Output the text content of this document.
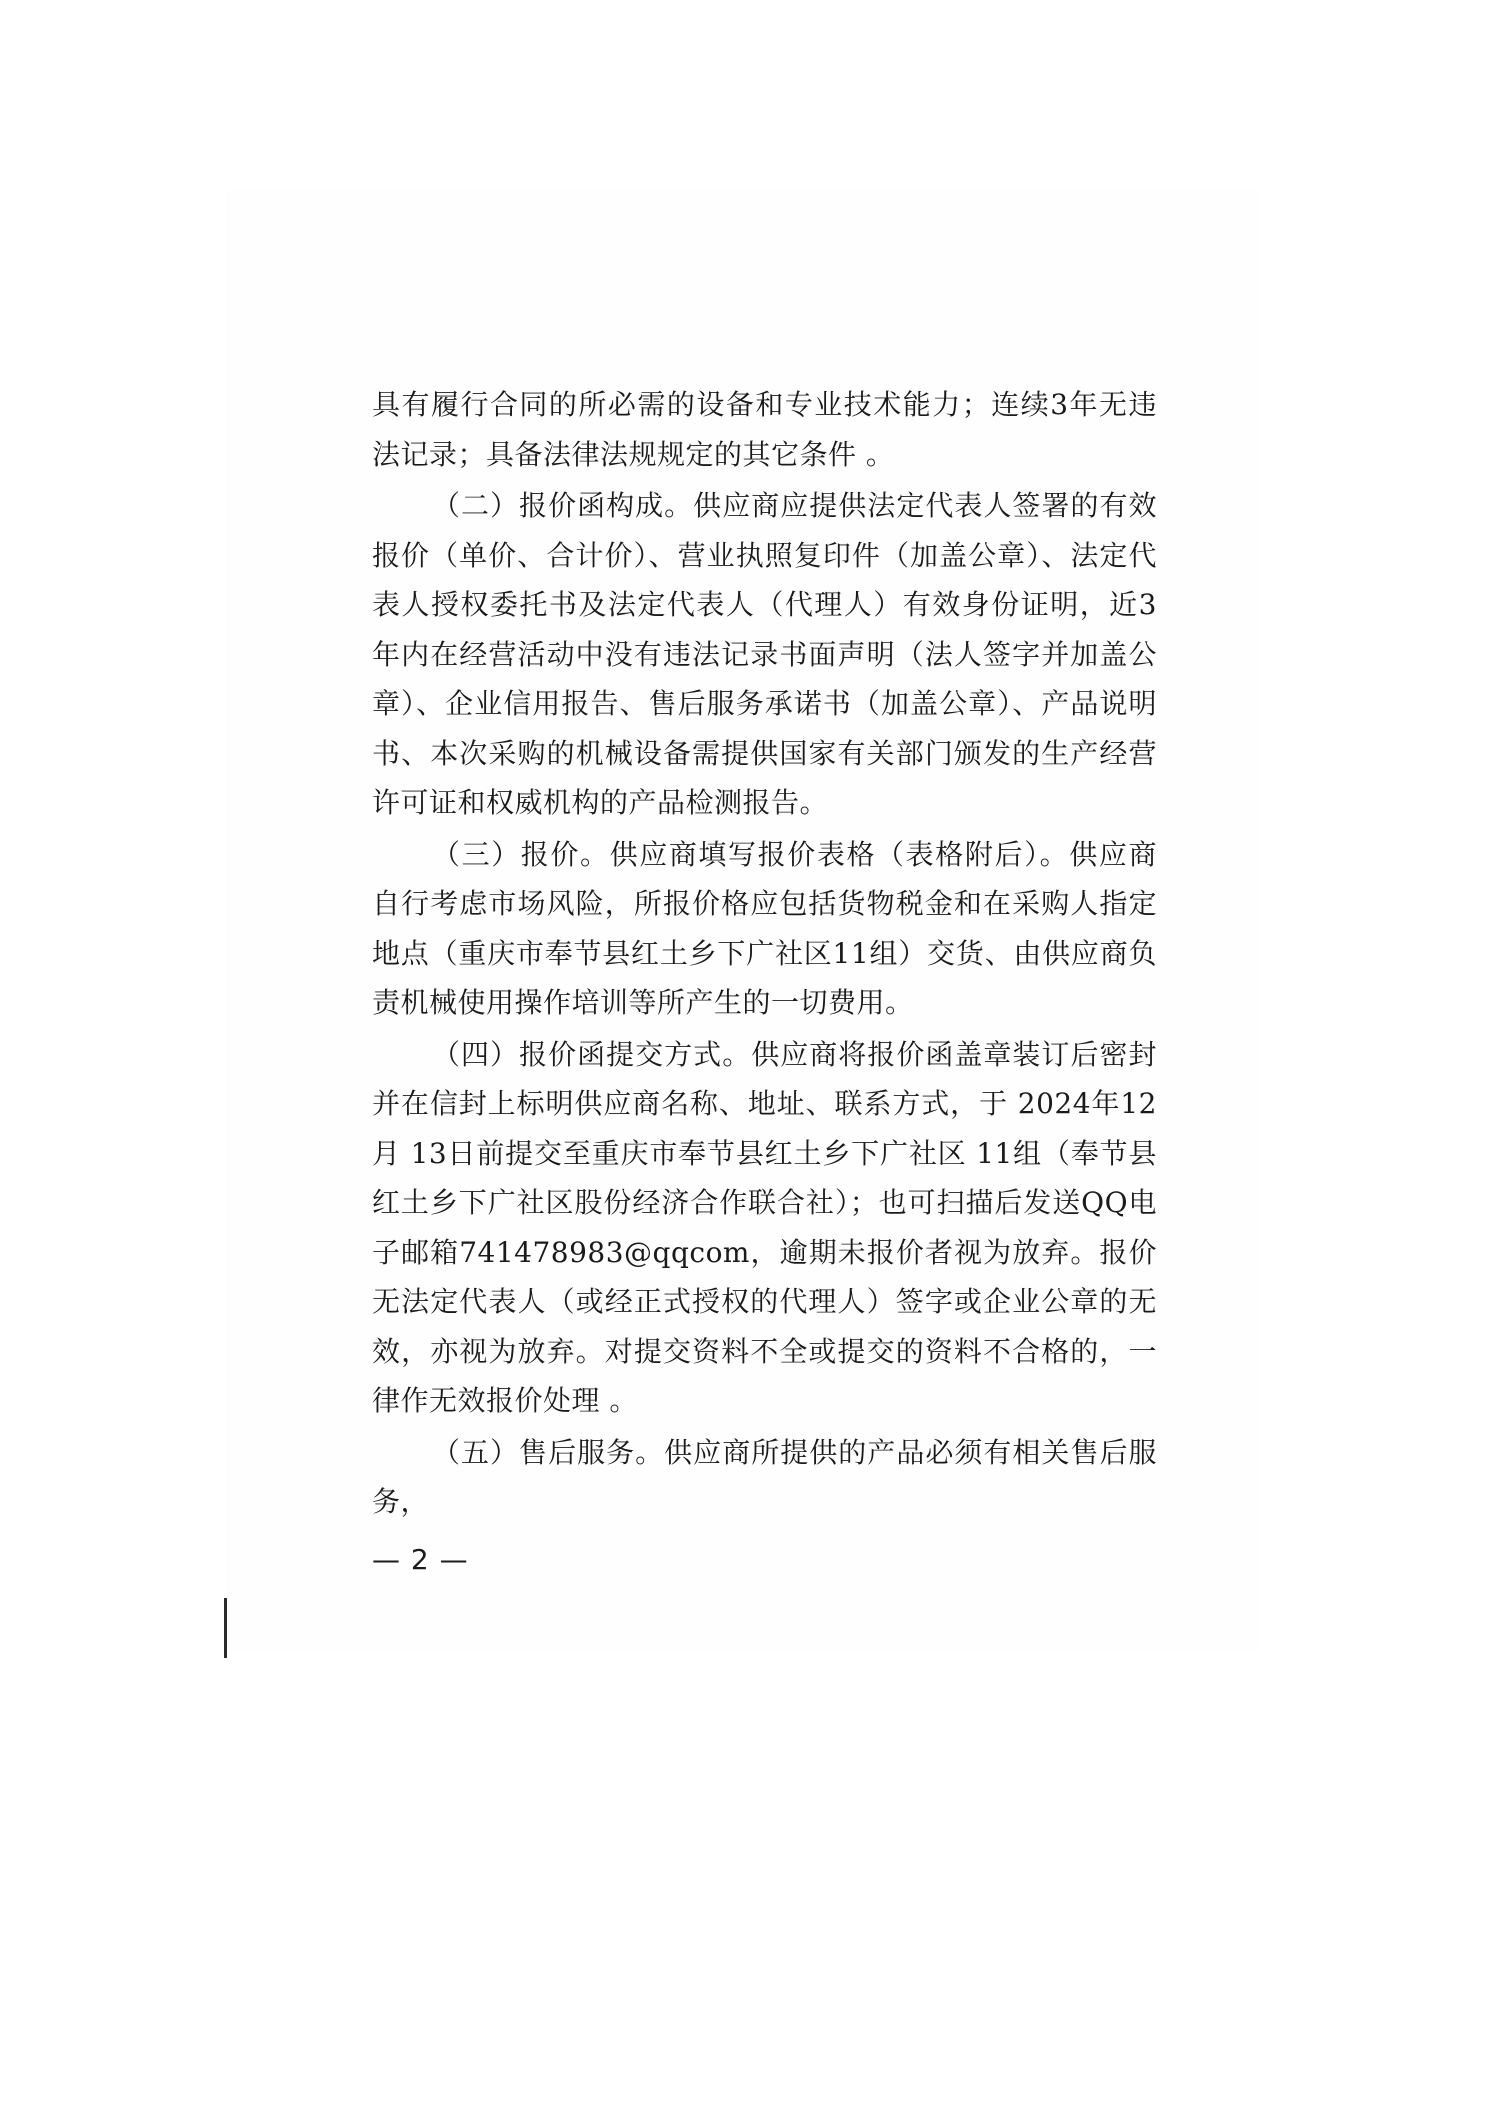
具有履行合同的所必需的设备和专业技术能力；连续3年无违法记录；具备法律法规规定的其它条件 。

（二）报价函构成。供应商应提供法定代表人签署的有效报价（单价、合计价）、营业执照复印件（加盖公章）、法定代表人授权委托书及法定代表人（代理人）有效身份证明，近3年内在经营活动中没有违法记录书面声明（法人签字并加盖公章）、企业信用报告、售后服务承诺书（加盖公章）、产品说明书、本次采购的机械设备需提供国家有关部门颁发的生产经营许可证和权威机构的产品检测报告。

（三）报价。供应商填写报价表格（表格附后）。供应商自行考虑市场风险，所报价格应包括货物税金和在采购人指定地点（重庆市奉节县红土乡下广社区11组）交货、由供应商负责机械使用操作培训等所产生的一切费用。

（四）报价函提交方式。供应商将报价函盖章装订后密封并在信封上标明供应商名称、地址、联系方式，于 2024年12月 13日前提交至重庆市奉节县红土乡下广社区 11组（奉节县红土乡下广社区股份经济合作联合社）；也可扫描后发送QQ电子邮箱741478983@qqcom，逾期未报价者视为放弃。报价无法定代表人（或经正式授权的代理人）签字或企业公章的无效，亦视为放弃。对提交资料不全或提交的资料不合格的，一律作无效报价处理 。

（五）售后服务。供应商所提供的产品必须有相关售后服务，

— 2 —
